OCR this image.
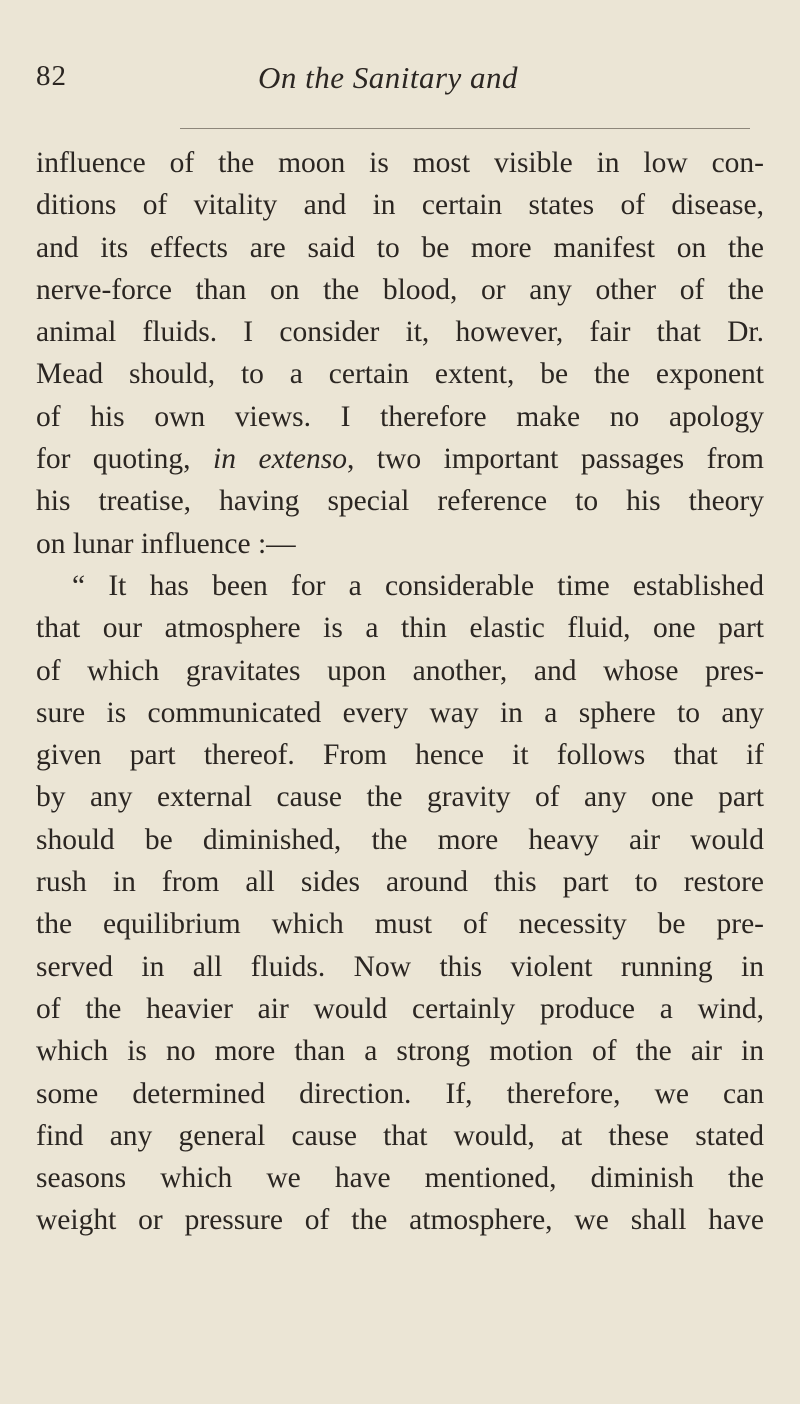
82	On the Sanitary and
influence of the moon is most visible in low con-
ditions of vitality and in certain states of disease,
and its effects are said to be more manifest on the
nerve-force than on the blood, or any other of the
animal fluids. I consider it, however, fair that Dr.
Mead should, to a certain extent, be the exponent
of his own views. I therefore make no apology
for quoting, in extenso, two important passages from
his treatise, having special reference to his theory
on lunar influence :—
“ It has been for a considerable time established
that our atmosphere is a thin elastic fluid, one part
of which gravitates upon another, and whose pres-
sure is communicated every way in a sphere to any
given part thereof. From hence it follows that if
by any external cause the gravity of any one part
should be diminished, the more heavy air would
rush in from all sides around this part to restore
the equilibrium which must of necessity be pre-
served in all fluids. Now this violent running in
of the heavier air would certainly produce a wind,
which is no more than a strong motion of the air in
some determined direction. If, therefore, we can
find any general cause that would, at these stated
seasons which we have mentioned, diminish the
weight or pressure of the atmosphere, we shall have
